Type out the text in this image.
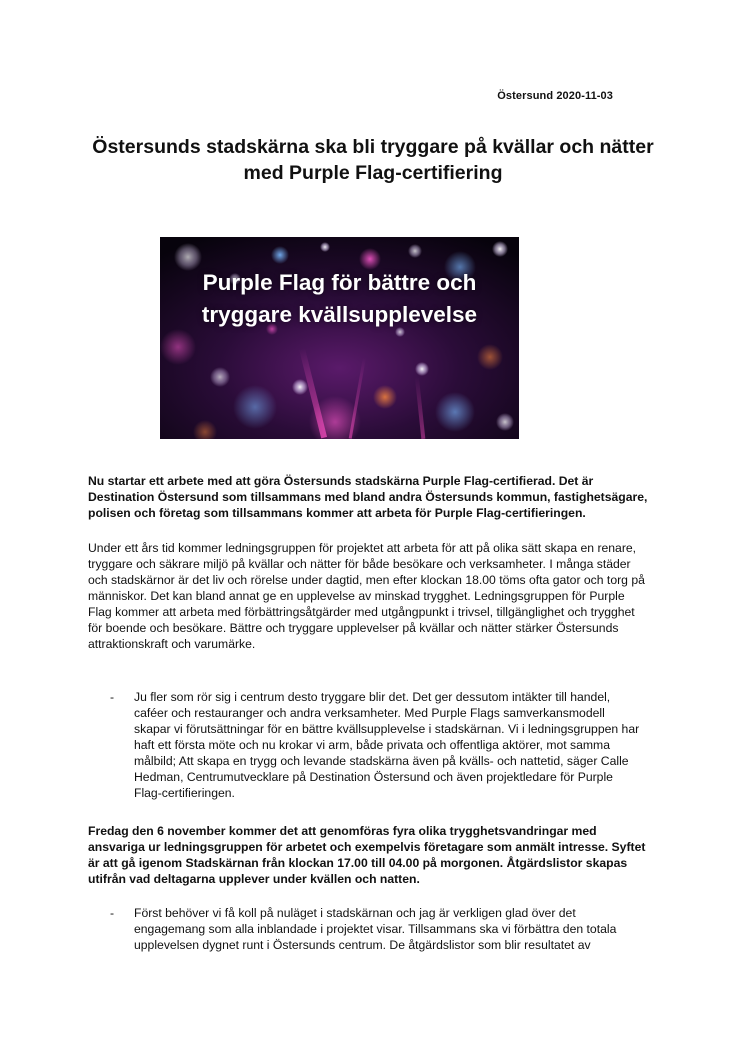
Östersund 2020-11-03
Östersunds stadskärna ska bli tryggare på kvällar och nätter
med Purple Flag-certifiering
Purple Flag för bättre och
tryggare kvällsupplevelse

Nu startar ett arbete med att göra Östersunds stadskärna Purple Flag-certifierad. Det är Destination Östersund som tillsammans med bland andra Östersunds kommun, fastighetsägare, polisen och företag som tillsammans kommer att arbeta för Purple Flag-certifieringen.

Under ett års tid kommer ledningsgruppen för projektet att arbeta för att på olika sätt skapa en renare, tryggare och säkrare miljö på kvällar och nätter för både besökare och verksamheter. I många städer och stadskärnor är det liv och rörelse under dagtid, men efter klockan 18.00 töms ofta gator och torg på människor. Det kan bland annat ge en upplevelse av minskad trygghet. Ledningsgruppen för Purple Flag kommer att arbeta med förbättringsåtgärder med utgångpunkt i trivsel, tillgänglighet och trygghet för boende och besökare. Bättre och tryggare upplevelser på kvällar och nätter stärker Östersunds attraktionskraft och varumärke.

- Ju fler som rör sig i centrum desto tryggare blir det. Det ger dessutom intäkter till handel, caféer och restauranger och andra verksamheter. Med Purple Flags samverkansmodell skapar vi förutsättningar för en bättre kvällsupplevelse i stadskärnan. Vi i ledningsgruppen har haft ett första möte och nu krokar vi arm, både privata och offentliga aktörer, mot samma målbild; Att skapa en trygg och levande stadskärna även på kvälls- och nattetid, säger Calle Hedman, Centrumutvecklare på Destination Östersund och även projektledare för Purple Flag-certifieringen.

Fredag den 6 november kommer det att genomföras fyra olika trygghetsvandringar med ansvariga ur ledningsgruppen för arbetet och exempelvis företagare som anmält intresse. Syftet är att gå igenom Stadskärnan från klockan 17.00 till 04.00 på morgonen. Åtgärdslistor skapas utifrån vad deltagarna upplever under kvällen och natten.

- Först behöver vi få koll på nuläget i stadskärnan och jag är verkligen glad över det engagemang som alla inblandade i projektet visar. Tillsammans ska vi förbättra den totala upplevelsen dygnet runt i Östersunds centrum. De åtgärdslistor som blir resultatet av
